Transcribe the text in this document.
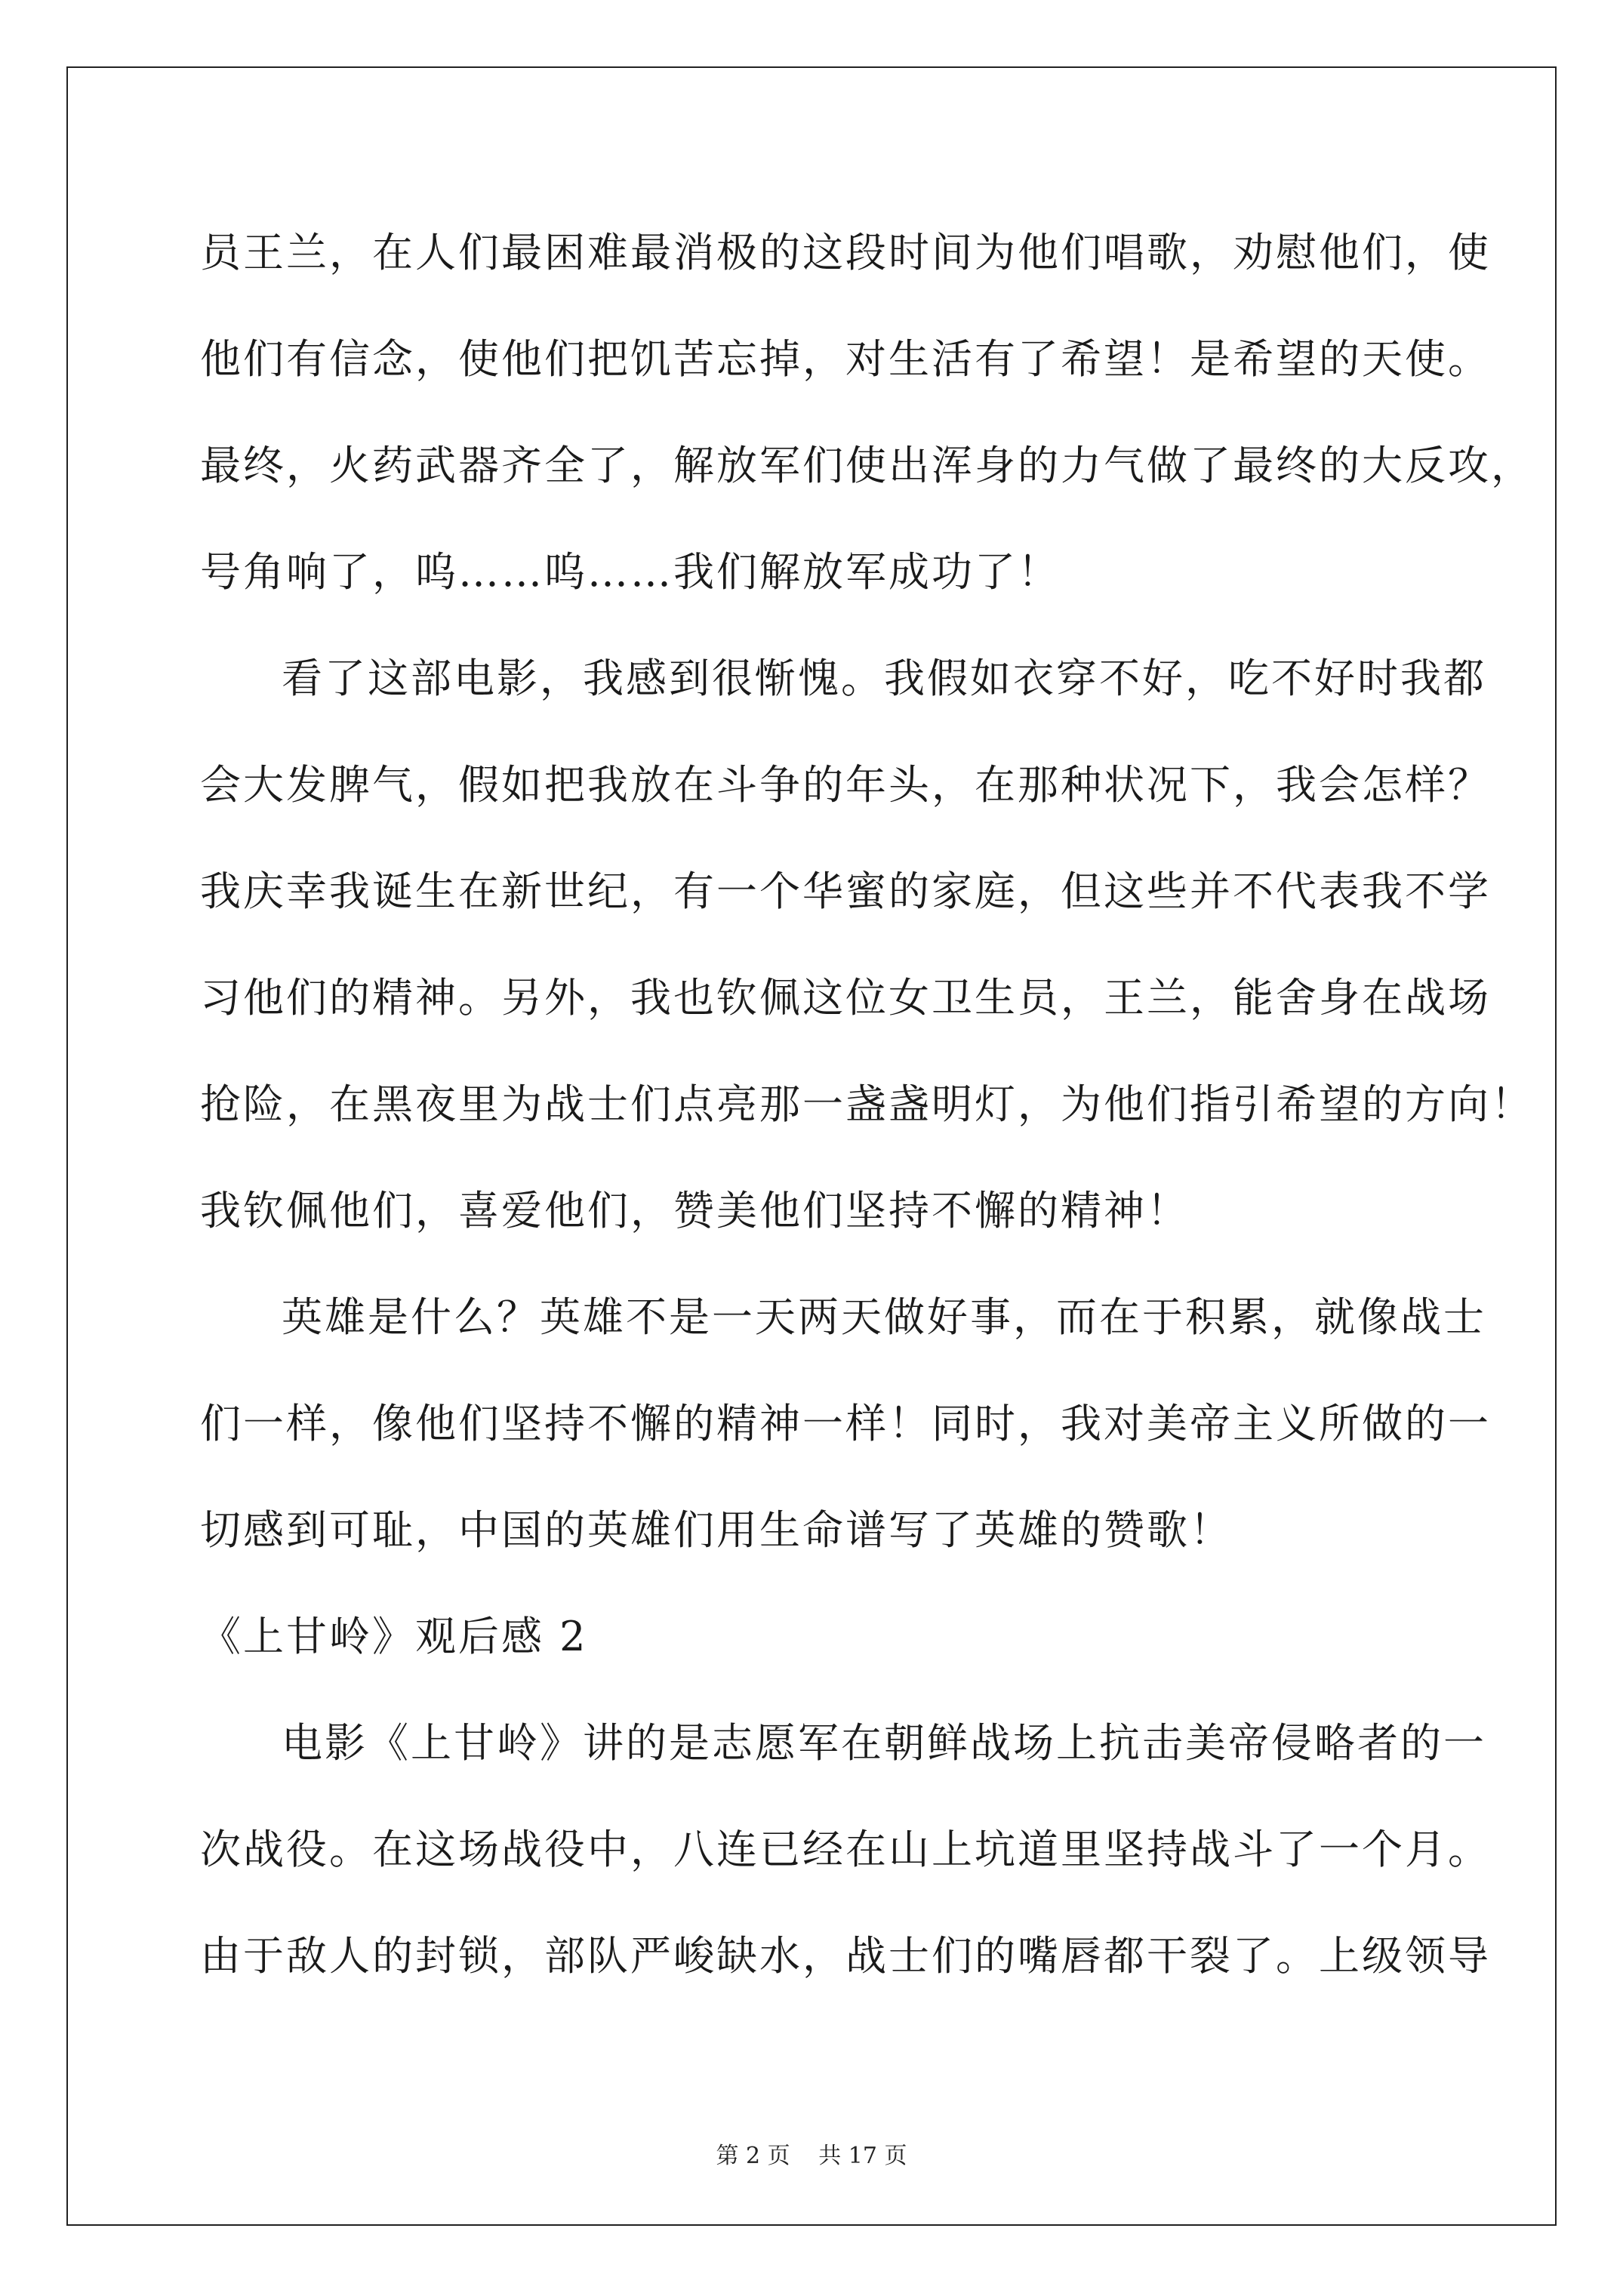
员王兰，在人们最困难最消极的这段时间为他们唱歌，劝慰他们，使
他们有信念，使他们把饥苦忘掉，对生活有了希望！是希望的天使。
最终，火药武器齐全了，解放军们使出浑身的力气做了最终的大反攻，
号角响了，呜……呜……我们解放军成功了！
看了这部电影，我感到很惭愧。我假如衣穿不好，吃不好时我都
会大发脾气，假如把我放在斗争的年头，在那种状况下，我会怎样？
我庆幸我诞生在新世纪，有一个华蜜的家庭，但这些并不代表我不学
习他们的精神。另外，我也钦佩这位女卫生员，王兰，能舍身在战场
抢险，在黑夜里为战士们点亮那一盏盏明灯，为他们指引希望的方向！
我钦佩他们，喜爱他们，赞美他们坚持不懈的精神！
英雄是什么？英雄不是一天两天做好事，而在于积累，就像战士
们一样，像他们坚持不懈的精神一样！同时，我对美帝主义所做的一
切感到可耻，中国的英雄们用生命谱写了英雄的赞歌！
《上甘岭》观后感 2
电影《上甘岭》讲的是志愿军在朝鲜战场上抗击美帝侵略者的一
次战役。在这场战役中，八连已经在山上坑道里坚持战斗了一个月。
由于敌人的封锁，部队严峻缺水，战士们的嘴唇都干裂了。上级领导
第 2 页 共 17 页
